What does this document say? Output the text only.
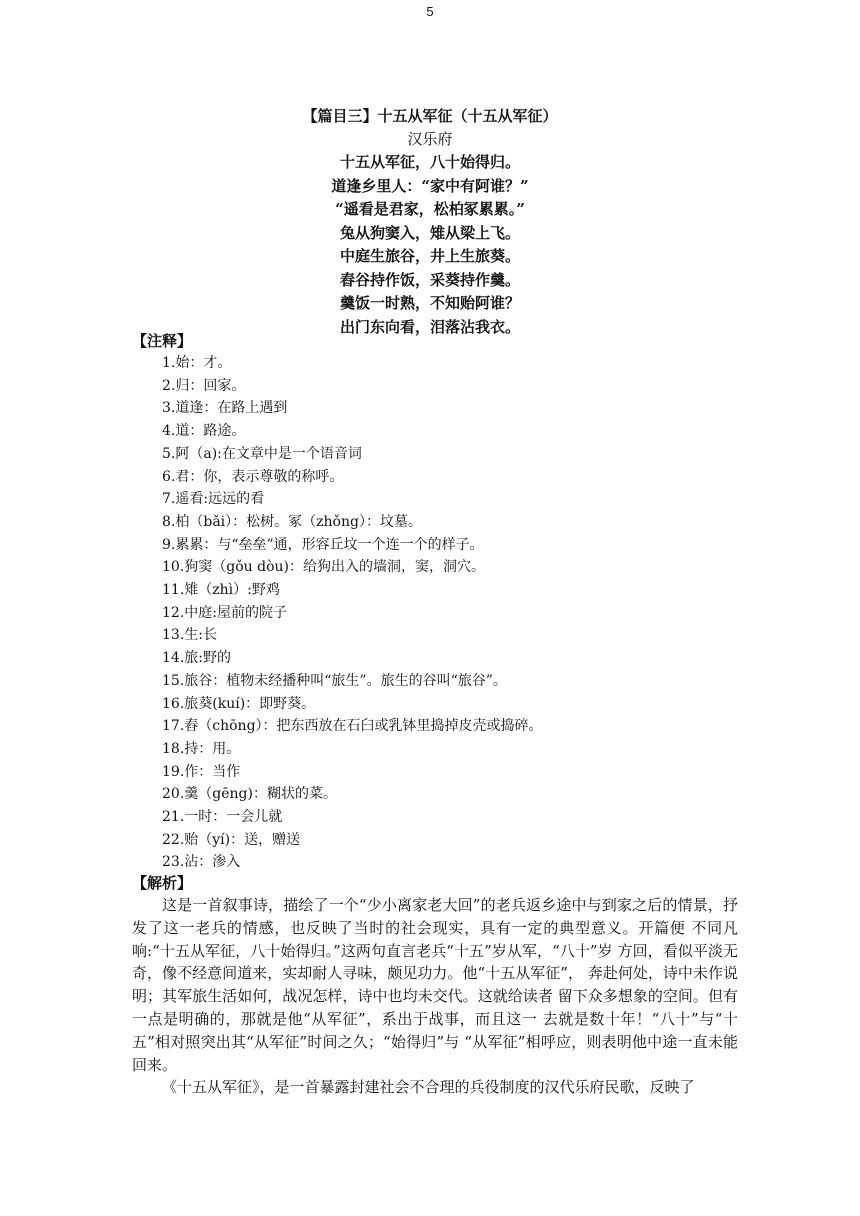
5
【篇目三】十五从军征（十五从军征）
汉乐府
十五从军征，八十始得归。
道逢乡里人：“家中有阿谁？”
“遥看是君家，松柏冢累累。”
兔从狗窦入，雉从梁上飞。
中庭生旅谷，井上生旅葵。
舂谷持作饭，采葵持作羹。
羹饭一时熟，不知贻阿谁？
出门东向看，泪落沾我衣。
【注释】
1.始：才。
2.归：回家。
3.道逢：在路上遇到
4.道：路途。
5.阿（a):在文章中是一个语音词
6.君：你，表示尊敬的称呼。
7.遥看:远远的看
8.柏（bǎi）：松树。冢（zhǒng）：坟墓。
9.累累：与“垒垒”通，形容丘坟一个连一个的样子。
10.狗窦（gǒu dòu)：给狗出入的墙洞，窦，洞穴。
11.雉（zhì）:野鸡
12.中庭:屋前的院子
13.生:长
14.旅:野的
15.旅谷：植物未经播种叫“旅生”。旅生的谷叫“旅谷”。
16.旅葵(kuí)：即野葵。
17.舂（chōng）：把东西放在石臼或乳钵里捣掉皮壳或捣碎。
18.持：用。
19.作：当作
20.羹（gēng)：糊状的菜。
21.一时：一会儿就
22.贻（yí)：送，赠送
23.沾：渗入
【解析】

这是一首叙事诗，描绘了一个“少小离家老大回”的老兵返乡途中与到家之后的情景，抒发了这一老兵的情感，也反映了当时的社会现实，具有一定的典型意义。开篇便 不同凡响:“十五从军征，八十始得归。”这两句直言老兵“十五”岁从军，“八十”岁 方回，看似平淡无奇，像不经意间道来，实却耐人寻味，颇见功力。他“十五从军征”， 奔赴何处，诗中未作说明；其军旅生活如何，战况怎样，诗中也均未交代。这就给读者 留下众多想象的空间。但有一点是明确的，那就是他“从军征”，系出于战事，而且这一 去就是数十年！“八十”与“十五”相对照突出其“从军征”时间之久；“始得归”与 “从军征”相呼应，则表明他中途一直未能回来。

《十五从军征》，是一首暴露封建社会不合理的兵役制度的汉代乐府民歌，反映了
